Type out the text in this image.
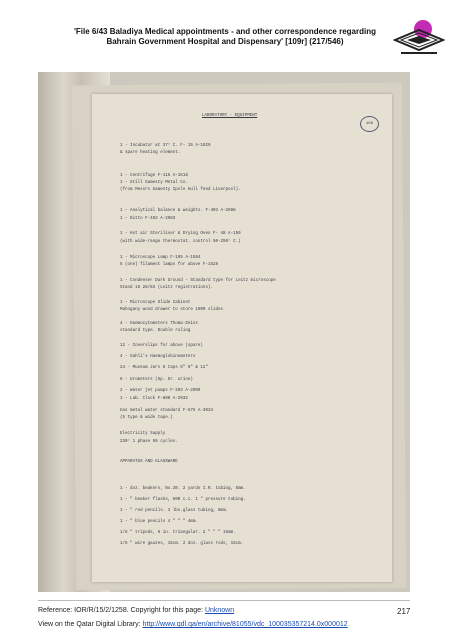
'File 6/43 Baladiya Medical appointments - and other correspondence regarding
Bahrain Government Hospital and Dispensary' [109r] (217/546)
LABORATORY - EQUIPMENT
109
1 - Incubator at 37° C. F- 15 A-1029
& spare heating element.
1 - Centrifuge F-115 A-1518
1 - Still Gamesty Metal Co.
(from Messrs Gamesty Ipsle Hull feed Liverpool).
1 - Analytical balance & weights. F-403 A-2988
1 - Ditto F-493 A-2983
1 - Hot air Steriliser & Drying Oven F- 48 A-159
(with wide-range thermostat. control 50-250° C.)
1 - Microscope Lamp F-195 A-1584
5 (one) filament lamps for above F-1528
1 - Condenser Dark Ground - Standard type for Leitz microscope
Stand 15 28/83 (Leitz registrations).
1 - Microscope Slide Cabinet
Mahogany wood drawer to store 1000 slides
4 - Haemocytometers Thoma-Zeiss
standard type. Double ruling
12 - Coverslips for above (spare)
4 - Sahli's Haemoglobinometers
24 - Museum Jars 6 taps 6" 9" & 12"
6 - Urometers (Sp. Gr. urine)
2 - Water jet pumps F-293 A-2909
1 - Lab. Clock F-800 A-2932
Gas metal water standard F-575 A-3034
(5 type & wide tape.)
Electricity Supply
230° 1 phase 50 cycles.
APPARATUS AND GLASSWARE
1 - doz. beakers, No.30. 2 yards I.R. tubing, 5mm.
1 - " beaker flasks, 500 c.c. 1 " pressure tubing.
1 - " red pencils. 3 lbs.glass tubing, 8mm.
1 - " blue pencils 4 " " " 4mm.
1/6 " tripods, 6 in. triangular. 2 " " " 15mm.
1/6 " wire gauzes, 15cm. 2 doz. glass rods, 15cm.
Reference: IOR/R/15/2/1258. Copyright for this page: Unknown	217
View on the Qatar Digital Library: http://www.qdl.qa/en/archive/81055/vdc_100035357214.0x000012
